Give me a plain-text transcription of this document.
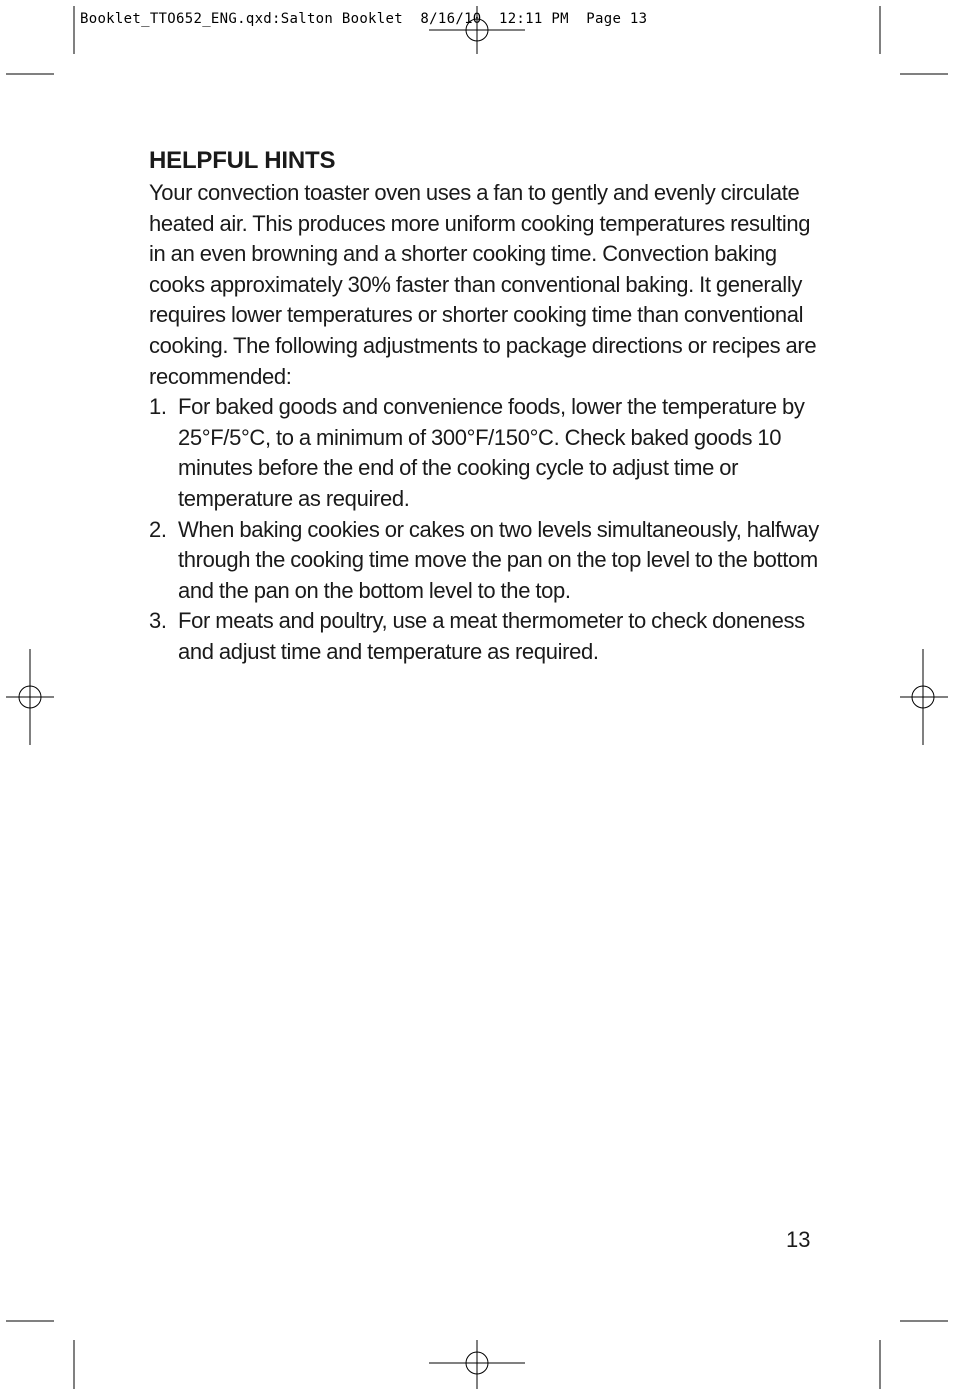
Booklet_TTO652_ENG.qxd:Salton Booklet  8/16/10  12:11 PM  Page 13
HELPFUL HINTS

Your convection toaster oven uses a fan to gently and evenly circulate heated air. This produces more uniform cooking temperatures resulting in an even browning and a shorter cooking time. Convection baking cooks approximately 30% faster than conventional baking. It generally requires lower temperatures or shorter cooking time than conventional cooking. The following adjustments to package directions or recipes are recommended:

1. For baked goods and convenience foods, lower the temperature by 25°F/5°C, to a minimum of 300°F/150°C. Check baked goods 10 minutes before the end of the cooking cycle to adjust time or temperature as required.
2. When baking cookies or cakes on two levels simultaneously, halfway through the cooking time move the pan on the top level to the bottom and the pan on the bottom level to the top.
3. For meats and poultry, use a meat thermometer to check doneness and adjust time and temperature as required.
13
